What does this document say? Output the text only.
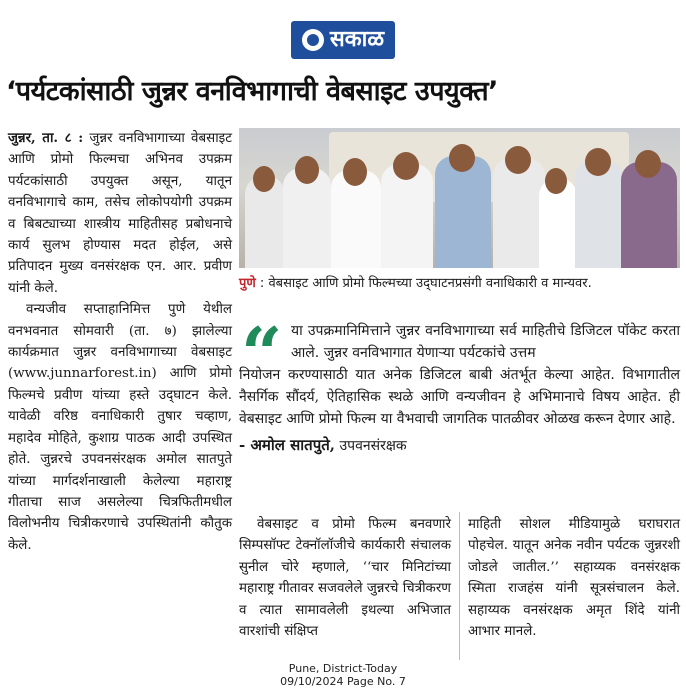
सकाळ
‘पर्यटकांसाठी जुन्नर वनविभागाची वेबसाइट उपयुक्त’

जुन्नर, ता. ८ : जुन्नर वनविभागाच्या वेबसाइट आणि प्रोमो फिल्मचा अभिनव उपक्रम पर्यटकांसाठी उपयुक्त असून, यातून वनविभागाचे काम, तसेच लोकोपयोगी उपक्रम व बिबट्याच्या शास्त्रीय माहितीसह प्रबोधनाचे कार्य सुलभ होण्यास मदत होईल, असे प्रतिपादन मुख्य वनसंरक्षक एन. आर. प्रवीण यांनी केले.

वन्यजीव सप्ताहानिमित्त पुणे येथील वनभवनात सोमवारी (ता. ७) झालेल्या कार्यक्रमात जुन्नर वनविभागाच्या वेबसाइट (www.junnarforest.in) आणि प्रोमो फिल्मचे प्रवीण यांच्या हस्ते उद्‍घाटन केले. यावेळी वरिष्ठ वनाधिकारी तुषार चव्हाण, महादेव मोहिते, कुशाग्र पाठक आदी उपस्थित होते. जुन्नरचे उपवनसंरक्षक अमोल सातपुते यांच्या मार्गदर्शनाखाली केलेल्या महाराष्ट्र गीताचा साज असलेल्या चित्रफितीमधील विलोभनीय चित्रीकरणाचे उपस्थितांनी कौतुक केले.

पुणे : वेबसाइट आणि प्रोमो फिल्मच्या उद्‍घाटनप्रसंगी वनाधिकारी व मान्यवर.
“ या उपक्रमानिमित्ताने जुन्नर वनविभागाच्या सर्व माहितीचे डिजिटल पॉकेट करता आले. जुन्नर वनविभागात येणाऱ्या पर्यटकांचे उत्तम
नियोजन करण्यासाठी यात अनेक डिजिटल बाबी अंतर्भूत केल्या आहेत. विभागातील नैसर्गिक सौंदर्य, ऐतिहासिक स्थळे आणि वन्यजीवन हे अभिमानाचे विषय आहेत. ही वेबसाइट आणि प्रोमो फिल्म या वैभवाची जागतिक पातळीवर ओळख करून देणार आहे.
- अमोल सातपुते, उपवनसंरक्षक

वेबसाइट व प्रोमो फिल्म बनवणारे सिम्पसॉफ्ट टेक्नॉलॉजीचे कार्यकारी संचालक सुनील चोरे म्हणाले, ‘‘चार मिनिटांच्या महाराष्ट्र गीतावर सजवलेले जुन्नरचे चित्रीकरण व त्यात सामावलेली इथल्या अभिजात वारशांची संक्षिप्त

माहिती सोशल मीडियामुळे घराघरात पोहचेल. यातून अनेक नवीन पर्यटक जुन्नरशी जोडले जातील.’’ सहाय्यक वनसंरक्षक स्मिता राजहंस यांनी सूत्रसंचालन केले. सहाय्यक वनसंरक्षक अमृत शिंदे यांनी आभार मानले.

Pune, District-Today
09/10/2024 Page No. 7
